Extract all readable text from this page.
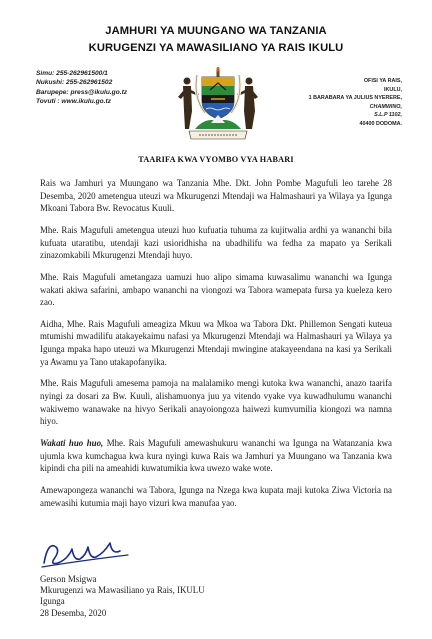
JAMHURI YA MUUNGANO WA TANZANIA
KURUGENZI YA MAWASILIANO YA RAIS IKULU
Simu: 255-262961500/1
Nukushi: 255-262961502
Barupepe: press@ikulu.go.tz
Tovuti : www.ikulu.go.tz
OFISI YA RAIS,
IKULU,
1 BARABARA YA JULIUS NYERERE,
CHAMWINO,
S.L.P 1102,
40400 DODOMA.
TAARIFA KWA VYOMBO VYA HABARI

Rais wa Jamhuri ya Muungano wa Tanzania Mhe. Dkt. John Pombe Magufuli leo tarehe 28 Desemba, 2020 ametengua uteuzi wa Mkurugenzi Mtendaji wa Halmashauri ya Wilaya ya Igunga Mkoani Tabora Bw. Revocatus Kuuli.

Mhe. Rais Magufuli ametengua uteuzi huo kufuatia tuhuma za kujitwalia ardhi ya wananchi bila kufuata utaratibu, utendaji kazi usioridhisha na ubadhilifu wa fedha za mapato ya Serikali zinazomkabili Mkurugenzi Mtendaji huyo.

Mhe. Rais Magufuli ametangaza uamuzi huo alipo simama kuwasalimu wananchi wa Igunga wakati akiwa safarini, ambapo wananchi na viongozi wa Tabora wamepata fursa ya kueleza kero zao.

Aidha, Mhe. Rais Magufuli ameagiza Mkuu wa Mkoa wa Tabora Dkt. Phillemon Sengati kuteua mtumishi mwadilifu atakayekaimu nafasi ya Mkurugenzi Mtendaji wa Halmashauri ya Wilaya ya Igunga mpaka hapo uteuzi wa Mkurugenzi Mtendaji mwingine atakayeendana na kasi ya Serikali ya Awamu ya Tano utakapofanyika.

Mhe. Rais Magufuli amesema pamoja na malalamiko mengi kutoka kwa wananchi, anazo taarifa nyingi za dosari za Bw. Kuuli, alishamuonya juu ya vitendo vyake vya kuwadhulumu wananchi wakiwemo wanawake na hivyo Serikali anayoiongoza haiwezi kumvumilia kiongozi wa namna hiyo.

Wakati huo huo, Mhe. Rais Magufuli amewashukuru wananchi wa Igunga na Watanzania kwa ujumla kwa kumchagua kwa kura nyingi kuwa Rais wa Jamhuri ya Muungano wa Tanzania kwa kipindi cha pili na ameahidi kuwatumikia kwa uwezo wake wote.

Amewapongeza wananchi wa Tabora, Igunga na Nzega kwa kupata maji kutoka Ziwa Victoria na amewasihi kutumia maji hayo vizuri kwa manufaa yao.

Gerson Msigwa
Mkurugenzi wa Mawasiliano ya Rais, IKULU
Igunga
28 Desemba, 2020
